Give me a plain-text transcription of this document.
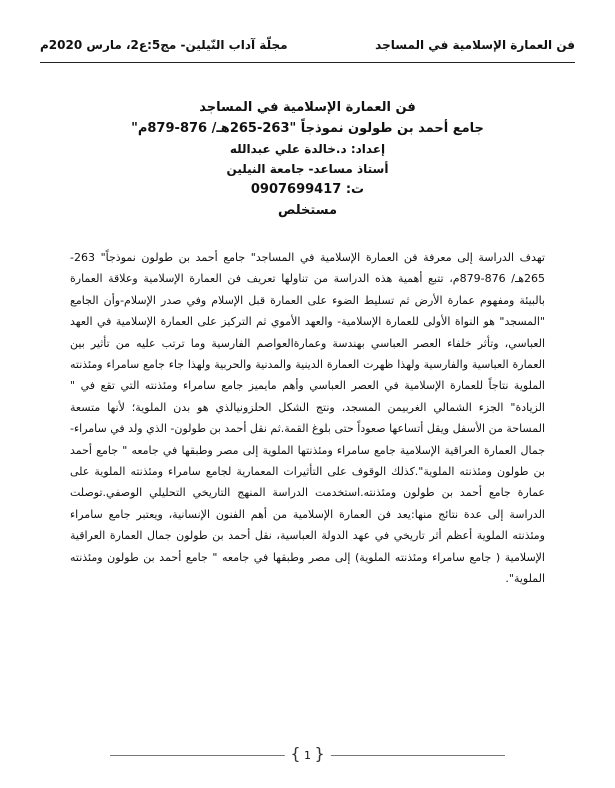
فن العمارة الإسلامية في المساجد
مجلّة آداب النّيلين- مج5:ع2، مارس 2020م
فن العمارة الإسلامية في المساجد
جامع أحمد بن طولون نموذجاً "263-265هـ/ 876-879م"
إعداد: د.خالدة علي عبدالله
أستاذ مساعد- جامعة النيلين
ت: 0907699417
مستخلص
تهدف الدراسة إلى معرفة فن العمارة الإسلامية في المساجد" جامع أحمد بن طولون نموذجاً" 263-265هـ/ 876-879م، تتبع أهمية هذه الدراسة من تناولها تعريف فن العمارة الإسلامية وعلاقة العمارة بالبيئة ومفهوم عمارة الأرض ثم تسليط الضوء على العمارة قبل الإسلام وفي صدر الإسلام-وأن الجامع "المسجد" هو النواة الأولى للعمارة الإسلامية- والعهد الأموي ثم التركيز على العمارة الإسلامية في العهد العباسي، وتأثر خلفاء العصر العباسي بهندسة وعمارةالعواصم الفارسية وما ترتب عليه من تأثير بين العمارة العباسية والفارسية ولهذا ظهرت العمارة الدينية والمدنية والحربية ولهذا جاء جامع سامراء ومئذنته الملوية نتاجاً للعمارة الإسلامية في العصر العباسي وأهم مايميز جامع سامراء ومئذنته التي تقع في " الزيادة" الجزء الشمالي الغربيمن المسجد، ونتج الشكل الحلزونيالذي هو بدن الملوية؛ لأنها متسعة المساحة من الأسفل ويقل أتساعها صعوداً حتى بلوغ القمة.ثم نقل أحمد بن طولون- الذي ولد في سامراء- جمال العمارة العراقية الإسلامية جامع سامراء ومئذنتها الملوية إلى مصر وطبقها في جامعه " جامع أحمد بن طولون ومئذنته الملوية".كذلك الوقوف على التأثيرات المعمارية لجامع سامراء ومئذنته الملوية على عمارة جامع أحمد بن طولون ومئذنته.استخدمت الدراسة المنهج التاريخي التحليلي الوصفي.توصلت الدراسة إلى عدة نتائج منها:يعد فن العمارة الإسلامية من أهم الفنون الإنسانية، ويعتبر جامع سامراء ومئذنته الملوية أعظم أثر تاريخي في عهد الدولة العباسية، نقل أحمد بن طولون جمال العمارة العراقية الإسلامية ( جامع سامراء ومئذنته الملوية) إلى مصر وطبقها في جامعه " جامع أحمد بن طولون ومئذنته الملوية".
{ 1 }
